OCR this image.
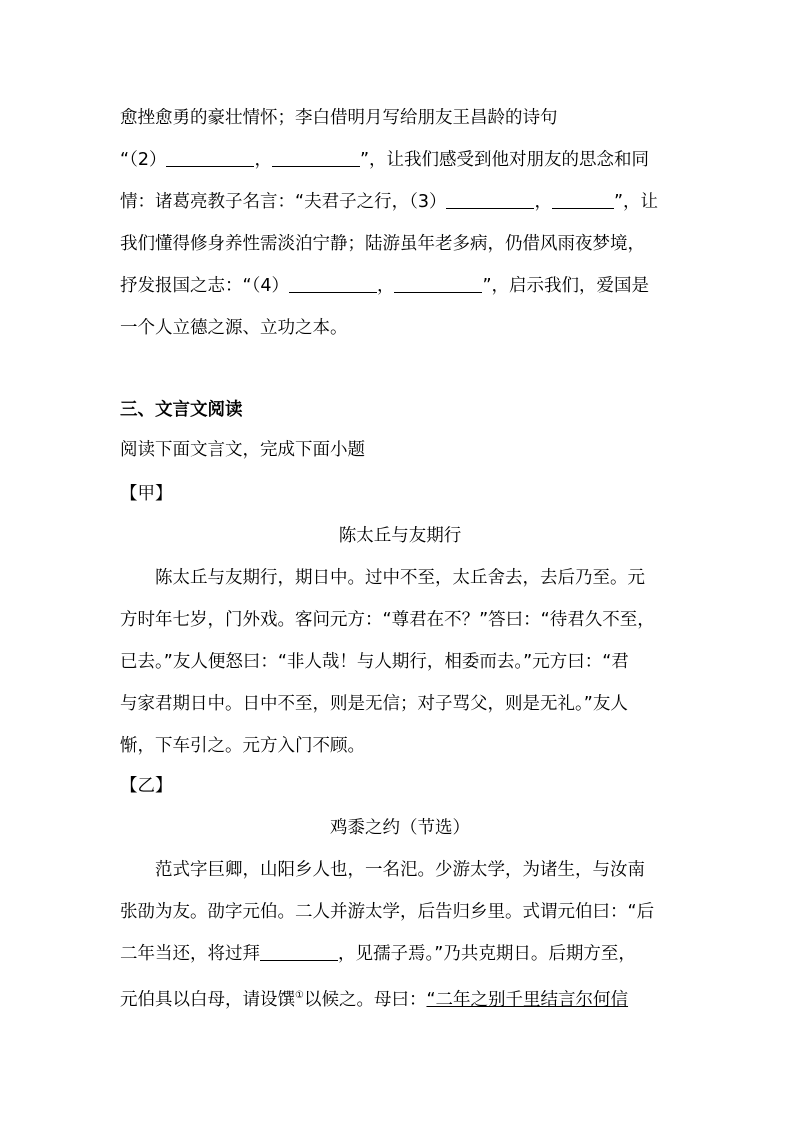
愈挫愈勇的豪壮情怀；李白借明月写给朋友王昌龄的诗句
“（2）	，	”，让我们感受到他对朋友的思念和同
情：诸葛亮教子名言：“夫君子之行，（3）	，	”，让
我们懂得修身养性需淡泊宁静；陆游虽年老多病，仍借风雨夜梦境，
抒发报国之志：“（4）	，	”，启示我们，爱国是
一个人立德之源、立功之本。
三、文言文阅读
阅读下面文言文，完成下面小题
【甲】
陈太丘与友期行
陈太丘与友期行，期日中。过中不至，太丘舍去，去后乃至。元
方时年七岁，门外戏。客问元方：“尊君在不？”答曰：“待君久不至，
已去。”友人便怒曰：“非人哉！与人期行，相委而去。”元方曰：“君
与家君期日中。日中不至，则是无信；对子骂父，则是无礼。”友人
惭，下车引之。元方入门不顾。
【乙】
鸡黍之约（节选）
范式字巨卿，山阳乡人也，一名汜。少游太学，为诸生，与汝南
张劭为友。劭字元伯。二人并游太学，后告归乡里。式谓元伯曰：“后
二年当还，将过拜	，见孺子焉。”乃共克期日。后期方至，
元伯具以白母，请设馔①以候之。母曰：“二年之别千里结言尔何信
